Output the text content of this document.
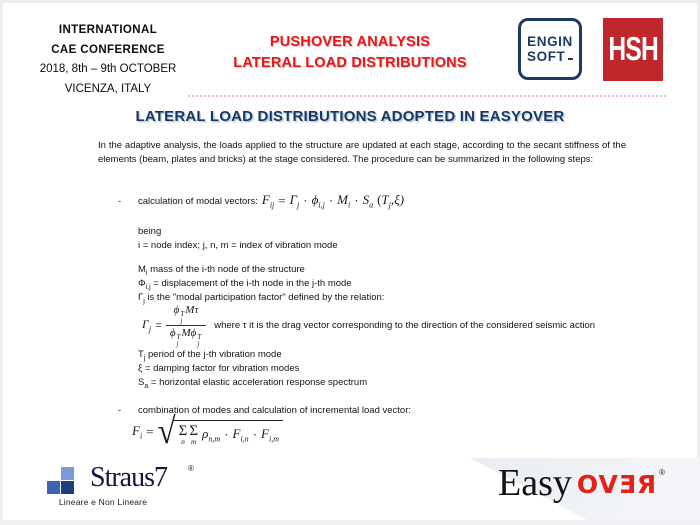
INTERNATIONAL
CAE CONFERENCE
2018, 8th – 9th OCTOBER
VICENZA, ITALY
PUSHOVER ANALYSIS
LATERAL LOAD DISTRIBUTIONS
ENGIN
SOFT HSH
LATERAL LOAD DISTRIBUTIONS ADOPTED IN EASYOVER
In the adaptive analysis, the loads applied to the structure are updated at each stage, according to the secant stiffness of the elements (beam, plates and bricks) at the stage considered. The procedure can be summarized in the following steps:
- calculation of modal vectors: $F_{ij} = \Gamma_j \cdot \phi_{i,j} \cdot M_i \cdot S_a$ $(T_j,\xi)$
being
i = node index; j, n, m = index of vibration mode
$M_i$ mass of the i-th node of the structure
$\Phi_{i,j}$ = displacement of the i-th node in the j-th mode
$\Gamma_j$ is the "modal participation factor" defined by the relation:
$\Gamma_j = \phi$ T
j
Mτ
ϕ T
j
Mϕ T
j where τ it is the drag vector corresponding to the direction of the considered seismic action
$T_j$ period of the j-th vibration mode
ξ = damping factor for vibration modes
$S_a$ = horizontal elastic acceleration response spectrum
- combination of modes and calculation of incremental load vector:
$F_i$ = √ Σ
n
Σ
m
$\rho_{n,m} \cdot F_{i,n} \cdot F_{i,m}$
Straus7	®
Lineare e Non Lineare	Easy OVƎЯ ®
